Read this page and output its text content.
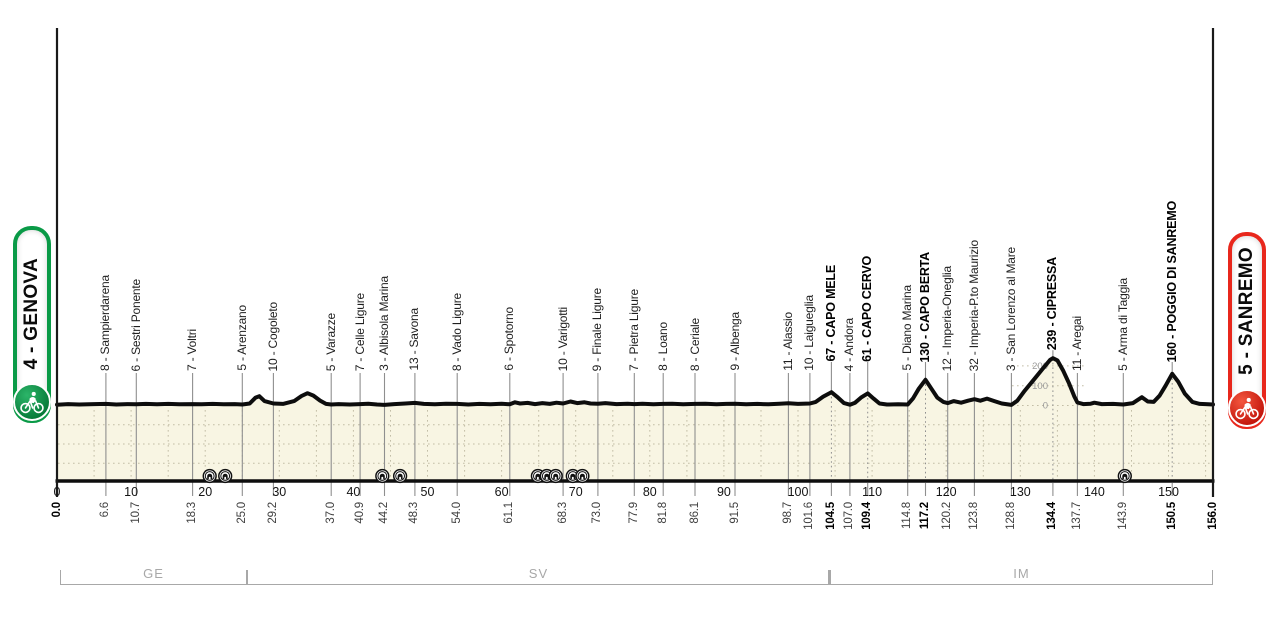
0
100
200
8 - Sampierdarena 6 - Sestri Ponente	7 - Voltri	5 - Arenzano 10 - Cogoleto	5 - Varazze 7 - Celle Ligure 3 - Albisola Marina 13 - Savona 8 - Vado Ligure	6 - Spotorno	10 - Varigotti 9 - Finale Ligure 7 - Pietra Ligure 8 - Loano 8 - Ceriale 9 - Albenga	11 - Alassio 10 - Laigueglia 67 - CAPO MELE 4 - Andora 61 - CAPO CERVO 5 - Diano Marina 130 - CAPO BERTA 12 - Imperia-Oneglia 32 - Imperia-P.to Maurizio 3 - San Lorenzo al Mare 239 - CIPRESSA 11 - Aregai	5 - Arma di Taggia	160 - POGGIO DI SANREMO
0.0	156.0
6.6 10.7	18.3	25.0 29.2	37.0 40.9 44.2 48.3	54.0	61.1	68.3 73.0 77.9 81.8 86.1 91.5	98.7 101.6 104.5 107.0 109.4 114.8 117.2 120.2 123.8 128.8	134.4 137.7	143.9	150.5
0	10	20	30	40	50	60	70	80	90	100	110	120	130	140	150
GE	SV	IM
4 - GENOVA	5 - SANREMO
